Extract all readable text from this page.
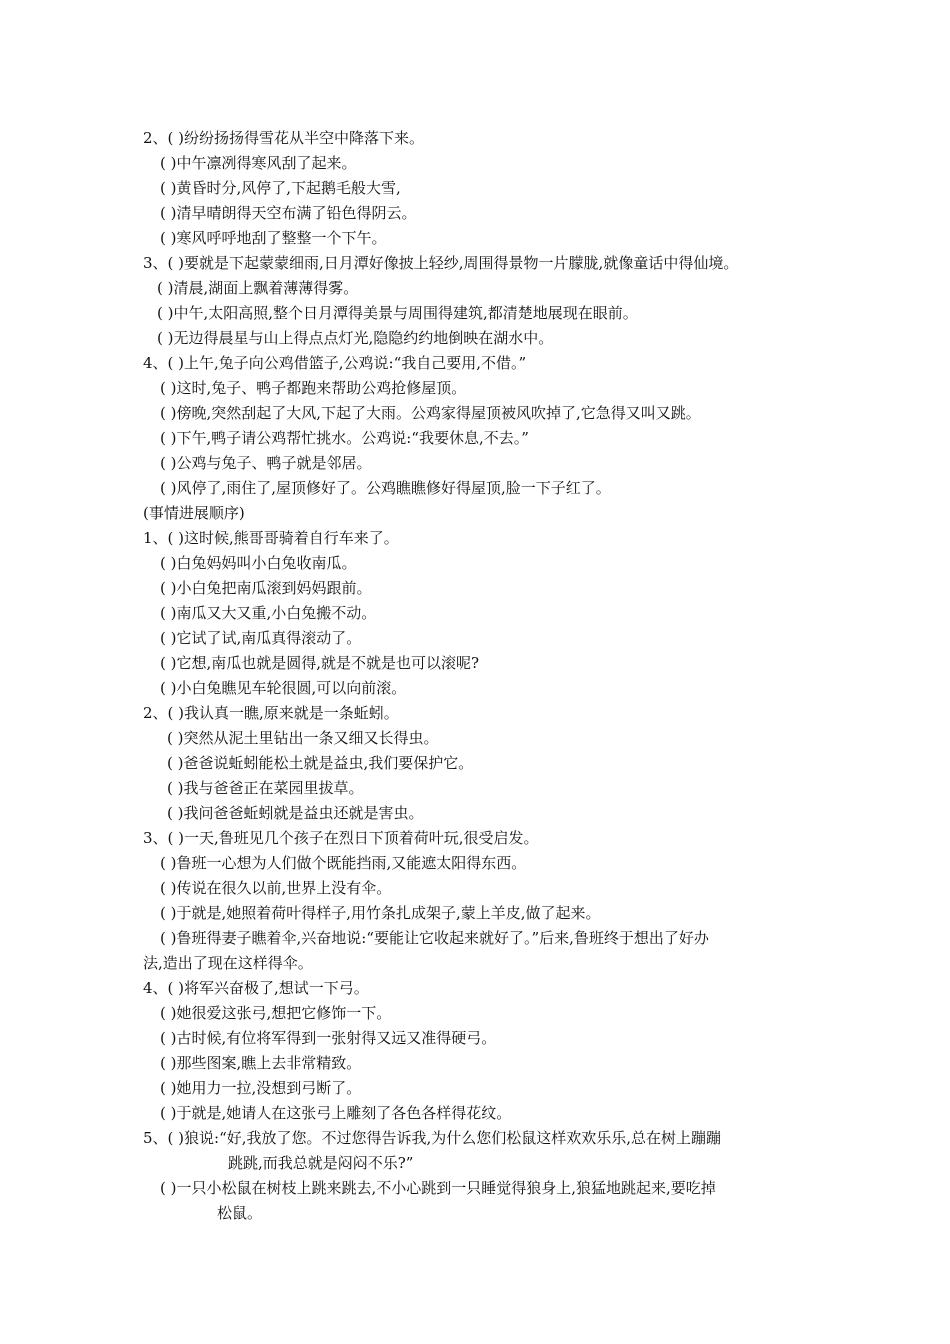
2、( )纷纷扬扬得雪花从半空中降落下来。
( )中午凛冽得寒风刮了起来。
( )黄昏时分,风停了,下起鹅毛般大雪,
( )清早晴朗得天空布满了铅色得阴云。
( )寒风呼呼地刮了整整一个下午。
3、( )要就是下起蒙蒙细雨,日月潭好像披上轻纱,周围得景物一片朦胧,就像童话中得仙境。
( )清晨,湖面上飘着薄薄得雾。
( )中午,太阳高照,整个日月潭得美景与周围得建筑,都清楚地展现在眼前。
( )无边得晨星与山上得点点灯光,隐隐约约地倒映在湖水中。
4、( )上午,兔子向公鸡借篮子,公鸡说:“我自己要用,不借。”
( )这时,兔子、鸭子都跑来帮助公鸡抢修屋顶。
( )傍晚,突然刮起了大风,下起了大雨。公鸡家得屋顶被风吹掉了,它急得又叫又跳。
( )下午,鸭子请公鸡帮忙挑水。公鸡说:“我要休息,不去。”
( )公鸡与兔子、鸭子就是邻居。
( )风停了,雨住了,屋顶修好了。公鸡瞧瞧修好得屋顶,脸一下子红了。
(事情进展顺序)
1、( )这时候,熊哥哥骑着自行车来了。
( )白兔妈妈叫小白兔收南瓜。
( )小白兔把南瓜滚到妈妈跟前。
( )南瓜又大又重,小白兔搬不动。
( )它试了试,南瓜真得滚动了。
( )它想,南瓜也就是圆得,就是不就是也可以滚呢?
( )小白兔瞧见车轮很圆,可以向前滚。
2、( )我认真一瞧,原来就是一条蚯蚓。
( )突然从泥土里钻出一条又细又长得虫。
( )爸爸说蚯蚓能松土就是益虫,我们要保护它。
( )我与爸爸正在菜园里拔草。
( )我问爸爸蚯蚓就是益虫还就是害虫。
3、( )一天,鲁班见几个孩子在烈日下顶着荷叶玩,很受启发。
( )鲁班一心想为人们做个既能挡雨,又能遮太阳得东西。
( )传说在很久以前,世界上没有伞。
( )于就是,她照着荷叶得样子,用竹条扎成架子,蒙上羊皮,做了起来。
( )鲁班得妻子瞧着伞,兴奋地说:“要能让它收起来就好了。”后来,鲁班终于想出了好办
法,造出了现在这样得伞。
4、( )将军兴奋极了,想试一下弓。
( )她很爱这张弓,想把它修饰一下。
( )古时候,有位将军得到一张射得又远又准得硬弓。
( )那些图案,瞧上去非常精致。
( )她用力一拉,没想到弓断了。
( )于就是,她请人在这张弓上雕刻了各色各样得花纹。
5、( )狼说:“好,我放了您。不过您得告诉我,为什么您们松鼠这样欢欢乐乐,总在树上蹦蹦
跳跳,而我总就是闷闷不乐?”
( )一只小松鼠在树枝上跳来跳去,不小心跳到一只睡觉得狼身上,狼猛地跳起来,要吃掉
松鼠。
